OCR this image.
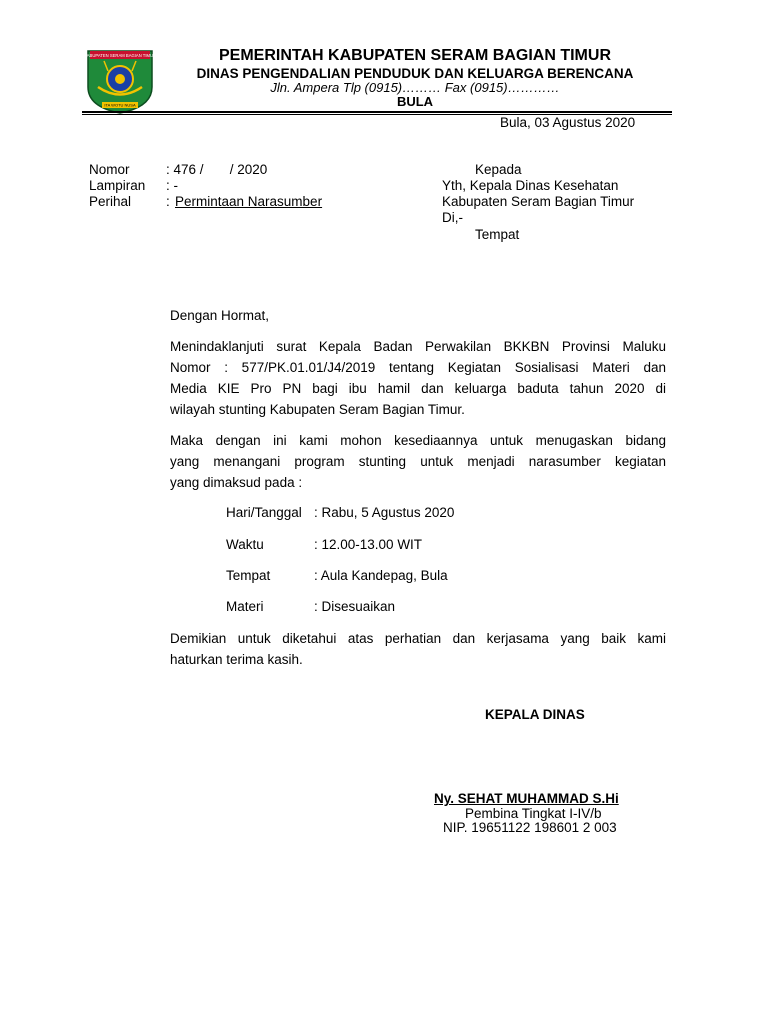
KABUPATEN SERAM BAGIAN TIMUR
ITA WOTU NUSA
PEMERINTAH KABUPATEN SERAM BAGIAN TIMUR
DINAS PENGENDALIAN PENDUDUK DAN KELUARGA BERENCANA
Jln. Ampera Tlp (0915)……… Fax (0915)…………
BULA
Bula, 03 Agustus 2020
Nomor	: 476 /       / 2020
Lampiran : -
Perihal	: Permintaan Narasumber
Kepada
Yth, Kepala Dinas Kesehatan
Kabupaten Seram Bagian Timur
Di,-
Tempat
Dengan Hormat,
Menindaklanjuti surat Kepala Badan Perwakilan BKKBN Provinsi Maluku
Nomor : 577/PK.01.01/J4/2019 tentang Kegiatan Sosialisasi Materi dan
Media KIE Pro PN bagi ibu hamil dan keluarga baduta tahun 2020 di
wilayah stunting Kabupaten Seram Bagian Timur.
Maka dengan ini kami mohon kesediaannya untuk menugaskan bidang
yang menangani program stunting untuk menjadi narasumber kegiatan
yang dimaksud pada :
Hari/Tanggal : Rabu, 5 Agustus 2020
Waktu	: 12.00-13.00 WIT
Tempat	: Aula Kandepag, Bula
Materi	: Disesuaikan
Demikian untuk diketahui atas perhatian dan kerjasama yang baik kami
haturkan terima kasih.
KEPALA DINAS
Ny. SEHAT MUHAMMAD S.Hi
Pembina Tingkat I-IV/b
NIP. 19651122 198601 2 003
